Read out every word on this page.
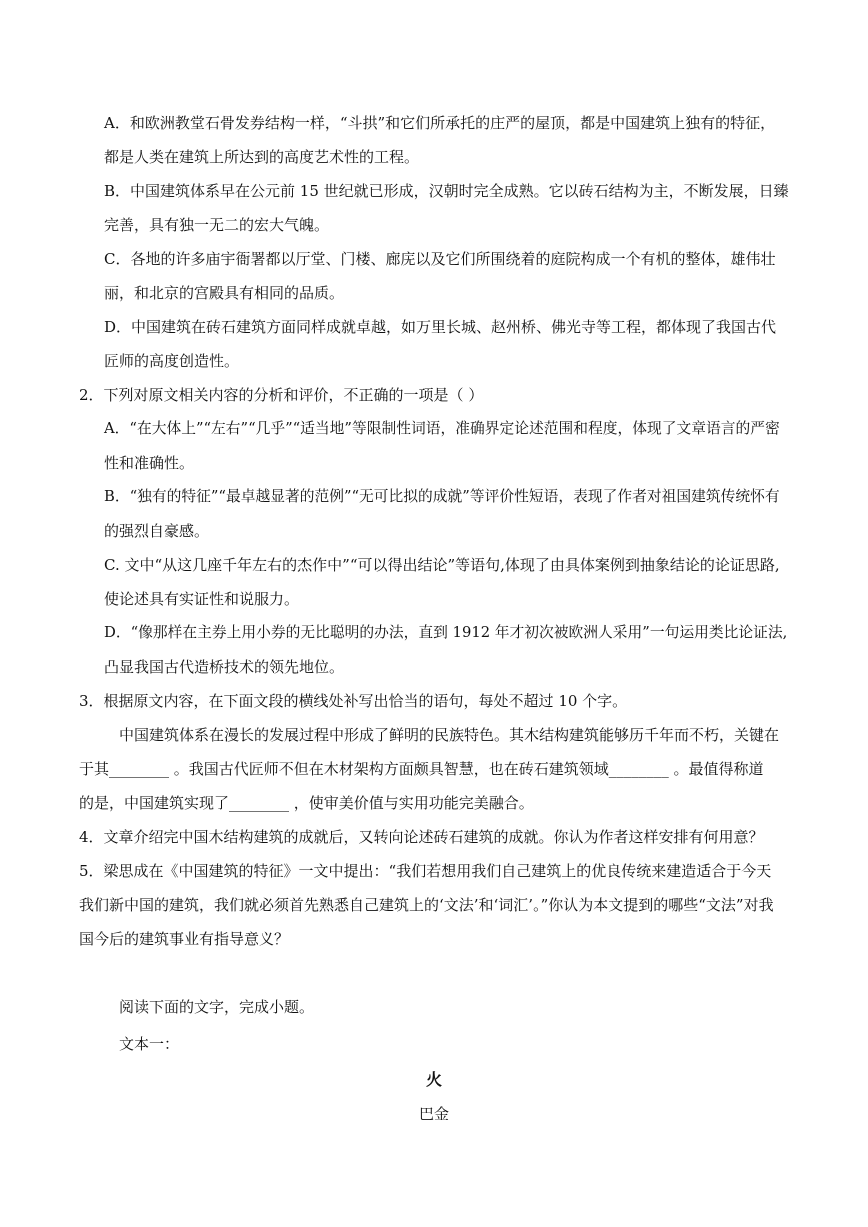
A．和欧洲教堂石骨发券结构一样，“斗拱”和它们所承托的庄严的屋顶，都是中国建筑上独有的特征，
都是人类在建筑上所达到的高度艺术性的工程。
B．中国建筑体系早在公元前 15 世纪就已形成，汉朝时完全成熟。它以砖石结构为主，不断发展，日臻
完善，具有独一无二的宏大气魄。
C．各地的许多庙宇衙署都以厅堂、门楼、廊庑以及它们所围绕着的庭院构成一个有机的整体，雄伟壮
丽，和北京的宫殿具有相同的品质。
D．中国建筑在砖石建筑方面同样成就卓越，如万里长城、赵州桥、佛光寺等工程，都体现了我国古代
匠师的高度创造性。
2．下列对原文相关内容的分析和评价，不正确的一项是（ ）
A．“在大体上”“左右”“几乎”“适当地”等限制性词语，准确界定论述范围和程度，体现了文章语言的严密
性和准确性。
B．“独有的特征”“最卓越显著的范例”“无可比拟的成就”等评价性短语，表现了作者对祖国建筑传统怀有
的强烈自豪感。
C. 文中“从这几座千年左右的杰作中”“可以得出结论”等语句,体现了由具体案例到抽象结论的论证思路,
使论述具有实证性和说服力。
D．“像那样在主券上用小券的无比聪明的办法，直到 1912 年才初次被欧洲人采用”一句运用类比论证法,
凸显我国古代造桥技术的领先地位。
3．根据原文内容，在下面文段的横线处补写出恰当的语句，每处不超过 10 个字。
中国建筑体系在漫长的发展过程中形成了鲜明的民族特色。其木结构建筑能够历千年而不朽，关键在
于其________ 。我国古代匠师不但在木材架构方面颇具智慧，也在砖石建筑领域________ 。最值得称道
的是，中国建筑实现了________ ，使审美价值与实用功能完美融合。
4．文章介绍完中国木结构建筑的成就后，又转向论述砖石建筑的成就。你认为作者这样安排有何用意？
5．梁思成在《中国建筑的特征》一文中提出：“我们若想用我们自己建筑上的优良传统来建造适合于今天
我们新中国的建筑，我们就必须首先熟悉自己建筑上的‘文法’和‘词汇’。”你认为本文提到的哪些“文法”对我
国今后的建筑事业有指导意义？
阅读下面的文字，完成小题。
文本一：
火
巴金
